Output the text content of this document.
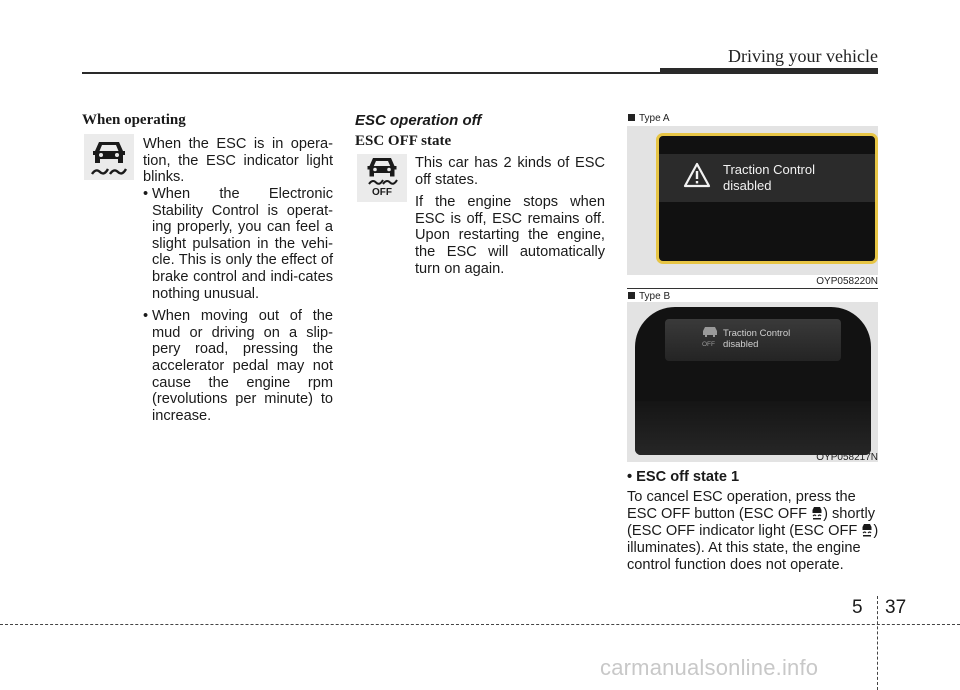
Driving your vehicle
When operating
When the ESC is in opera-tion, the ESC indicator light blinks.
• When the Electronic Stability Control is operat-ing properly, you can feel a slight pulsation in the vehi-cle. This is only the effect of brake control and indi-cates nothing unusual.
• When moving out of the mud or driving on a slip-pery road, pressing the accelerator pedal may not cause the engine rpm (revolutions per minute) to increase.
ESC operation off
ESC OFF state
OFF

This car has 2 kinds of ESC off states.

If the engine stops when ESC is off, ESC remains off. Upon restarting the engine, the ESC will automatically turn on again.

Type A
Traction Control
disabled
OYP058220N
Type B
OFF
Traction Control
disabled
OYP058217N
• ESC off state 1
To cancel ESC operation, press the ESC OFF button (ESC OFF ) shortly (ESC OFF indicator light (ESC OFF ) illuminates). At this state, the engine control function does not operate.
5 37
carmanualsonline.info
